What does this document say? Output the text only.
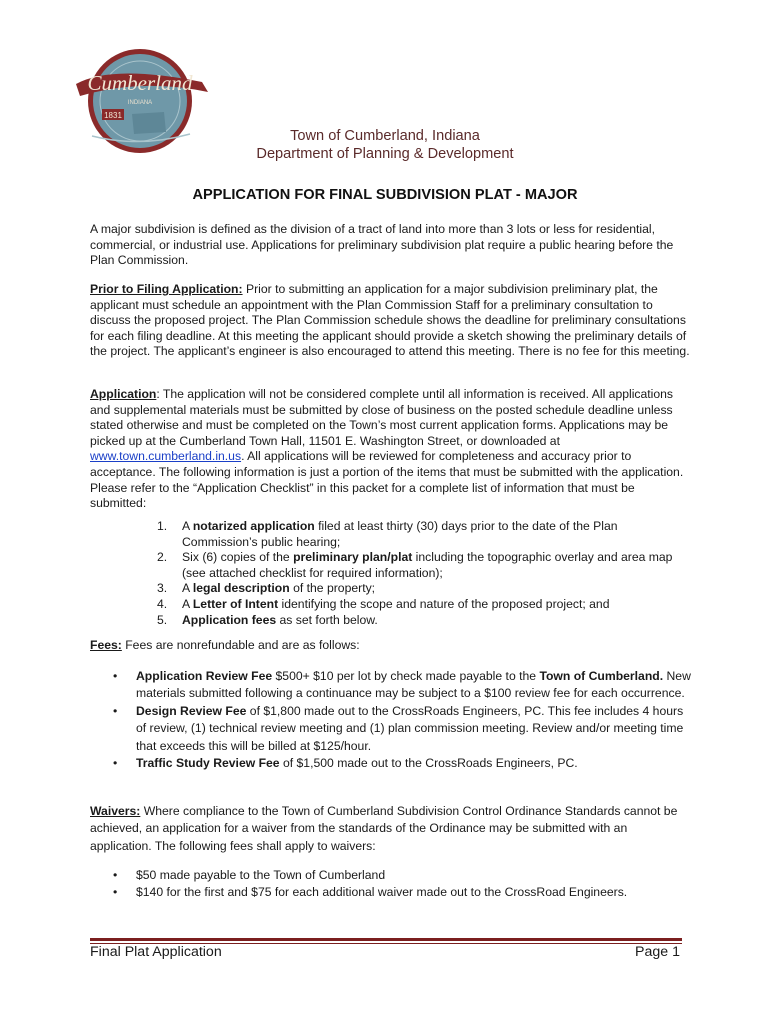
Cumberland
INDIANA
1831
Town of Cumberland, Indiana
Department of Planning & Development
APPLICATION FOR FINAL SUBDIVISION PLAT - MAJOR

A major subdivision is defined as the division of a tract of land into more than 3 lots or less for residential, commercial, or industrial use. Applications for preliminary subdivision plat require a public hearing before the Plan Commission.

Prior to Filing Application: Prior to submitting an application for a major subdivision preliminary plat, the applicant must schedule an appointment with the Plan Commission Staff for a preliminary consultation to discuss the proposed project. The Plan Commission schedule shows the deadline for preliminary consultations for each filing deadline. At this meeting the applicant should provide a sketch showing the preliminary details of the project. The applicant’s engineer is also encouraged to attend this meeting. There is no fee for this meeting.

Application: The application will not be considered complete until all information is received. All applications and supplemental materials must be submitted by close of business on the posted schedule deadline unless stated otherwise and must be completed on the Town’s most current application forms. Applications may be picked up at the Cumberland Town Hall, 11501 E. Washington Street, or downloaded at www.town.cumberland.in.us. All applications will be reviewed for completeness and accuracy prior to acceptance. The following information is just a portion of the items that must be submitted with the application. Please refer to the “Application Checklist” in this packet for a complete list of information that must be submitted:

1. A notarized application filed at least thirty (30) days prior to the date of the Plan Commission’s public hearing;
2. Six (6) copies of the preliminary plan/plat including the topographic overlay and area map (see attached checklist for required information);
3. A legal description of the property;
4. A Letter of Intent identifying the scope and nature of the proposed project; and
5. Application fees as set forth below.

Fees: Fees are nonrefundable and are as follows:

• Application Review Fee $500+ $10 per lot by check made payable to the Town of Cumberland. New materials submitted following a continuance may be subject to a $100 review fee for each occurrence.
• Design Review Fee of $1,800 made out to the CrossRoads Engineers, PC. This fee includes 4 hours of review, (1) technical review meeting and (1) plan commission meeting. Review and/or meeting time that exceeds this will be billed at $125/hour.
• Traffic Study Review Fee of $1,500 made out to the CrossRoads Engineers, PC.

Waivers: Where compliance to the Town of Cumberland Subdivision Control Ordinance Standards cannot be achieved, an application for a waiver from the standards of the Ordinance may be submitted with an application. The following fees shall apply to waivers:

• $50 made payable to the Town of Cumberland
• $140 for the first and $75 for each additional waiver made out to the CrossRoad Engineers.
Final Plat Application	Page 1
